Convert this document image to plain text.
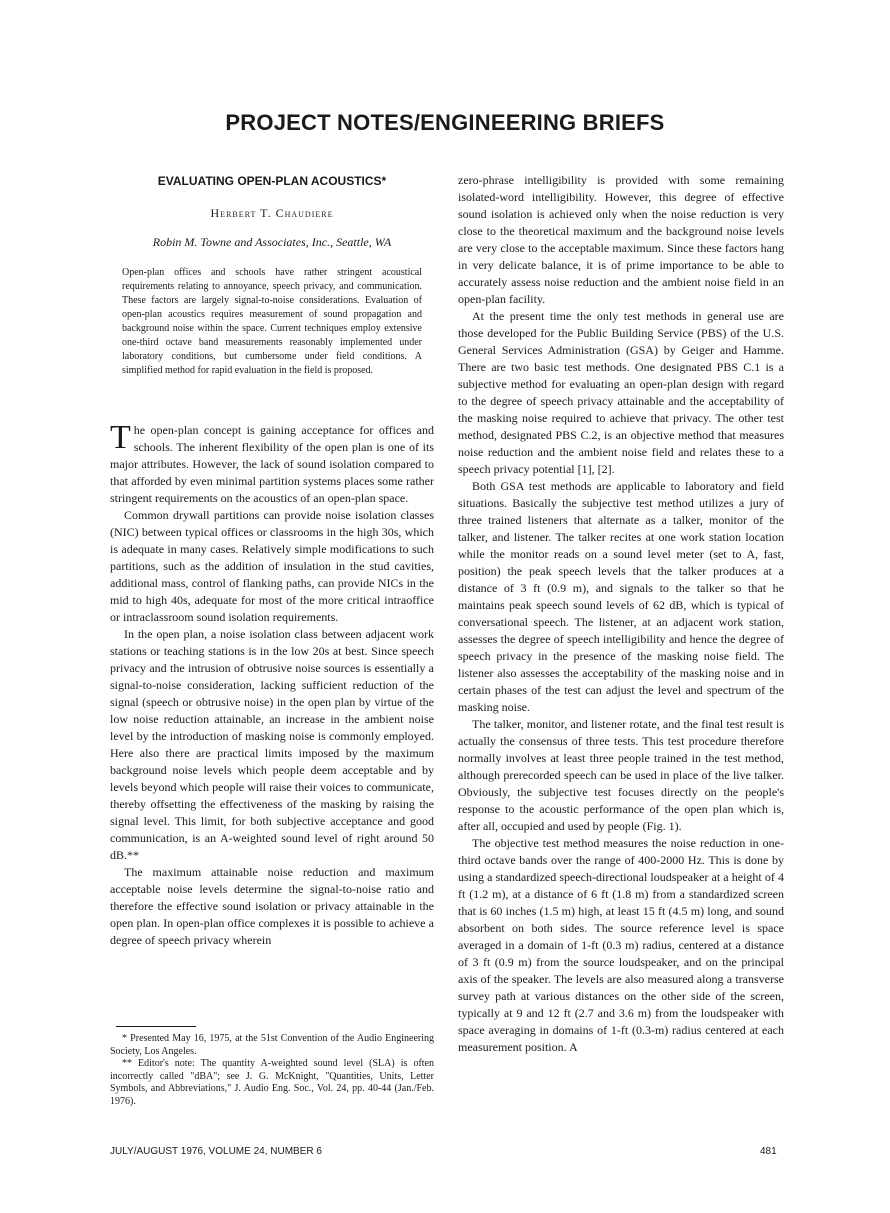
PROJECT NOTES/ENGINEERING BRIEFS
EVALUATING OPEN-PLAN ACOUSTICS*
Herbert T. Chaudiere
Robin M. Towne and Associates, Inc., Seattle, WA

Open-plan offices and schools have rather stringent acoustical requirements relating to annoyance, speech privacy, and communication. These factors are largely signal-to-noise considerations. Evaluation of open-plan acoustics requires measurement of sound propagation and background noise within the space. Current techniques employ extensive one-third octave band measurements reasonably implemented under laboratory conditions, but cumbersome under field conditions. A simplified method for rapid evaluation in the field is proposed.

The open-plan concept is gaining acceptance for offices and schools. The inherent flexibility of the open plan is one of its major attributes. However, the lack of sound isolation compared to that afforded by even minimal partition systems places some rather stringent requirements on the acoustics of an open-plan space.

Common drywall partitions can provide noise isolation classes (NIC) between typical offices or classrooms in the high 30s, which is adequate in many cases. Relatively simple modifications to such partitions, such as the addition of insulation in the stud cavities, additional mass, control of flanking paths, can provide NICs in the mid to high 40s, adequate for most of the more critical intraoffice or intraclassroom sound isolation requirements.

In the open plan, a noise isolation class between adjacent work stations or teaching stations is in the low 20s at best. Since speech privacy and the intrusion of obtrusive noise sources is essentially a signal-to-noise consideration, lacking sufficient reduction of the signal (speech or obtrusive noise) in the open plan by virtue of the low noise reduction attainable, an increase in the ambient noise level by the introduction of masking noise is commonly employed. Here also there are practical limits imposed by the maximum background noise levels which people deem acceptable and by levels beyond which people will raise their voices to communicate, thereby offsetting the effectiveness of the masking by raising the signal level. This limit, for both subjective acceptance and good communication, is an A-weighted sound level of right around 50 dB.**

The maximum attainable noise reduction and maximum acceptable noise levels determine the signal-to-noise ratio and therefore the effective sound isolation or privacy attainable in the open plan. In open-plan office complexes it is possible to achieve a degree of speech privacy wherein

zero-phrase intelligibility is provided with some remaining isolated-word intelligibility. However, this degree of effective sound isolation is achieved only when the noise reduction is very close to the theoretical maximum and the background noise levels are very close to the acceptable maximum. Since these factors hang in very delicate balance, it is of prime importance to be able to accurately assess noise reduction and the ambient noise field in an open-plan facility.

At the present time the only test methods in general use are those developed for the Public Building Service (PBS) of the U.S. General Services Administration (GSA) by Geiger and Hamme. There are two basic test methods. One designated PBS C.1 is a subjective method for evaluating an open-plan design with regard to the degree of speech privacy attainable and the acceptability of the masking noise required to achieve that privacy. The other test method, designated PBS C.2, is an objective method that measures noise reduction and the ambient noise field and relates these to a speech privacy potential [1], [2].

Both GSA test methods are applicable to laboratory and field situations. Basically the subjective test method utilizes a jury of three trained listeners that alternate as a talker, monitor of the talker, and listener. The talker recites at one work station location while the monitor reads on a sound level meter (set to A, fast, position) the peak speech levels that the talker produces at a distance of 3 ft (0.9 m), and signals to the talker so that he maintains peak speech sound levels of 62 dB, which is typical of conversational speech. The listener, at an adjacent work station, assesses the degree of speech intelligibility and hence the degree of speech privacy in the presence of the masking noise field. The listener also assesses the acceptability of the masking noise and in certain phases of the test can adjust the level and spectrum of the masking noise.

The talker, monitor, and listener rotate, and the final test result is actually the consensus of three tests. This test procedure therefore normally involves at least three people trained in the test method, although prerecorded speech can be used in place of the live talker. Obviously, the subjective test focuses directly on the people's response to the acoustic performance of the open plan which is, after all, occupied and used by people (Fig. 1).

The objective test method measures the noise reduction in one-third octave bands over the range of 400-2000 Hz. This is done by using a standardized speech-directional loudspeaker at a height of 4 ft (1.2 m), at a distance of 6 ft (1.8 m) from a standardized screen that is 60 inches (1.5 m) high, at least 15 ft (4.5 m) long, and sound absorbent on both sides. The source reference level is space averaged in a domain of 1-ft (0.3 m) radius, centered at a distance of 3 ft (0.9 m) from the source loudspeaker, and on the principal axis of the speaker. The levels are also measured along a transverse survey path at various distances on the other side of the screen, typically at 9 and 12 ft (2.7 and 3.6 m) from the loudspeaker with space averaging in domains of 1-ft (0.3-m) radius centered at each measurement position. A

* Presented May 16, 1975, at the 51st Convention of the Audio Engineering Society, Los Angeles.

** Editor's note: The quantity A-weighted sound level (SLA) is often incorrectly called "dBA"; see J. G. McKnight, "Quantities, Units, Letter Symbols, and Abbreviations," J. Audio Eng. Soc., Vol. 24, pp. 40-44 (Jan./Feb. 1976).

JULY/AUGUST 1976, VOLUME 24, NUMBER 6	481
